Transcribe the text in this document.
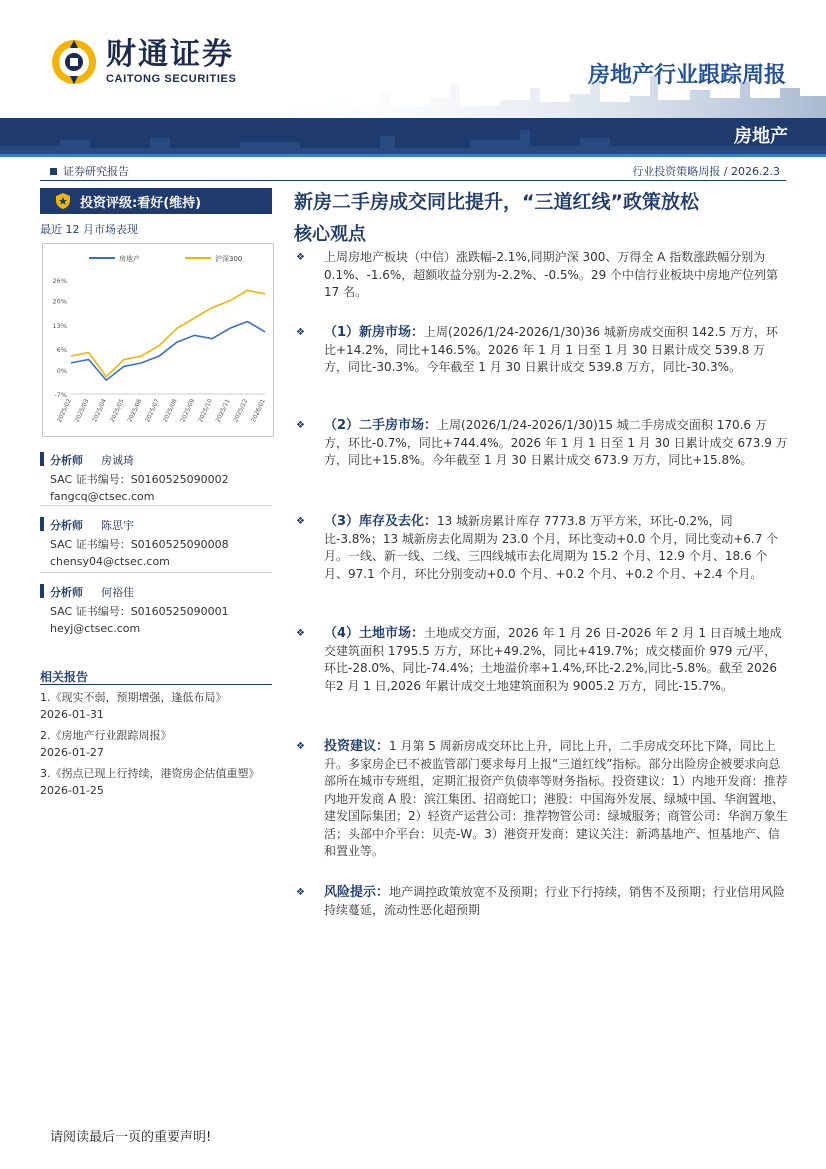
财通证券
CAITONG SECURITIES	房地产行业跟踪周报
房地产
证券研究报告	行业投资策略周报 / 2026.2.3
投资评级:看好(维持)
最近 12 月市场表现
26%
20%
13%
6%
0%
-7%
2025/02 2025/03 2025/04 2025/05 2025/06 2025/07 2025/08 2025/09 2025/10 2025/11 2025/12 2026/01
房地产	沪深300
分析师 房诚琦
SAC 证书编号：S0160525090002
fangcq@ctsec.com
分析师 陈思宇
SAC 证书编号：S0160525090008
chensy04@ctsec.com
分析师 何裕佳
SAC 证书编号：S0160525090001
heyj@ctsec.com
相关报告
1.《现实不弱，预期增强，逢低布局》
2026-01-31
2.《房地产行业跟踪周报》
2026-01-27
3.《拐点已现上行持续，港资房企估值重塑》
2026-01-25
新房二手房成交同比提升，“三道红线”政策放松
核心观点
❖ 上周房地产板块（中信）涨跌幅-2.1%,同期沪深 300、万得全 A 指数涨跌幅分别为 0.1%、-1.6%，超额收益分别为-2.2%、-0.5%。29 个中信行业板块中房地产位列第 17 名。
❖ （1）新房市场：上周(2026/1/24-2026/1/30)36 城新房成交面积 142.5 万方，环比+14.2%，同比+146.5%。2026 年 1 月 1 日至 1 月 30 日累计成交 539.8 万方，同比-30.3%。今年截至 1 月 30 日累计成交 539.8 万方，同比-30.3%。
❖ （2）二手房市场：上周(2026/1/24-2026/1/30)15 城二手房成交面积 170.6 万方，环比-0.7%，同比+744.4%。2026 年 1 月 1 日至 1 月 30 日累计成交 673.9 万方，同比+15.8%。今年截至 1 月 30 日累计成交 673.9 万方，同比+15.8%。
❖ （3）库存及去化：13 城新房累计库存 7773.8 万平方米，环比-0.2%，同比-3.8%；13 城新房去化周期为 23.0 个月，环比变动+0.0 个月，同比变动+6.7 个月。一线、新一线、二线、三四线城市去化周期为 15.2 个月、12.9 个月、18.6 个月、97.1 个月，环比分别变动+0.0 个月、+0.2 个月、+0.2 个月、+2.4 个月。
❖ （4）土地市场：土地成交方面，2026 年 1 月 26 日-2026 年 2 月 1 日百城土地成交建筑面积 1795.5 万方，环比+49.2%，同比+419.7%；成交楼面价 979 元/平，环比-28.0%、同比-74.4%；土地溢价率+1.4%,环比-2.2%,同比-5.8%。截至 2026 年2 月 1 日,2026 年累计成交土地建筑面积为 9005.2 万方，同比-15.7%。
❖ 投资建议：1 月第 5 周新房成交环比上升，同比上升，二手房成交环比下降，同比上升。多家房企已不被监管部门要求每月上报“三道红线”指标。部分出险房企被要求向总部所在城市专班组，定期汇报资产负债率等财务指标。投资建议：1）内地开发商：推荐内地开发商 A 股：滨江集团、招商蛇口；港股：中国海外发展、绿城中国、华润置地、建发国际集团；2）轻资产运营公司：推荐物管公司：绿城服务；商管公司：华润万象生活；头部中介平台：贝壳-W。3）港资开发商：建议关注：新鸿基地产、恒基地产、信和置业等。
❖ 风险提示：地产调控政策放宽不及预期；行业下行持续，销售不及预期；行业信用风险持续蔓延，流动性恶化超预期
请阅读最后一页的重要声明!
